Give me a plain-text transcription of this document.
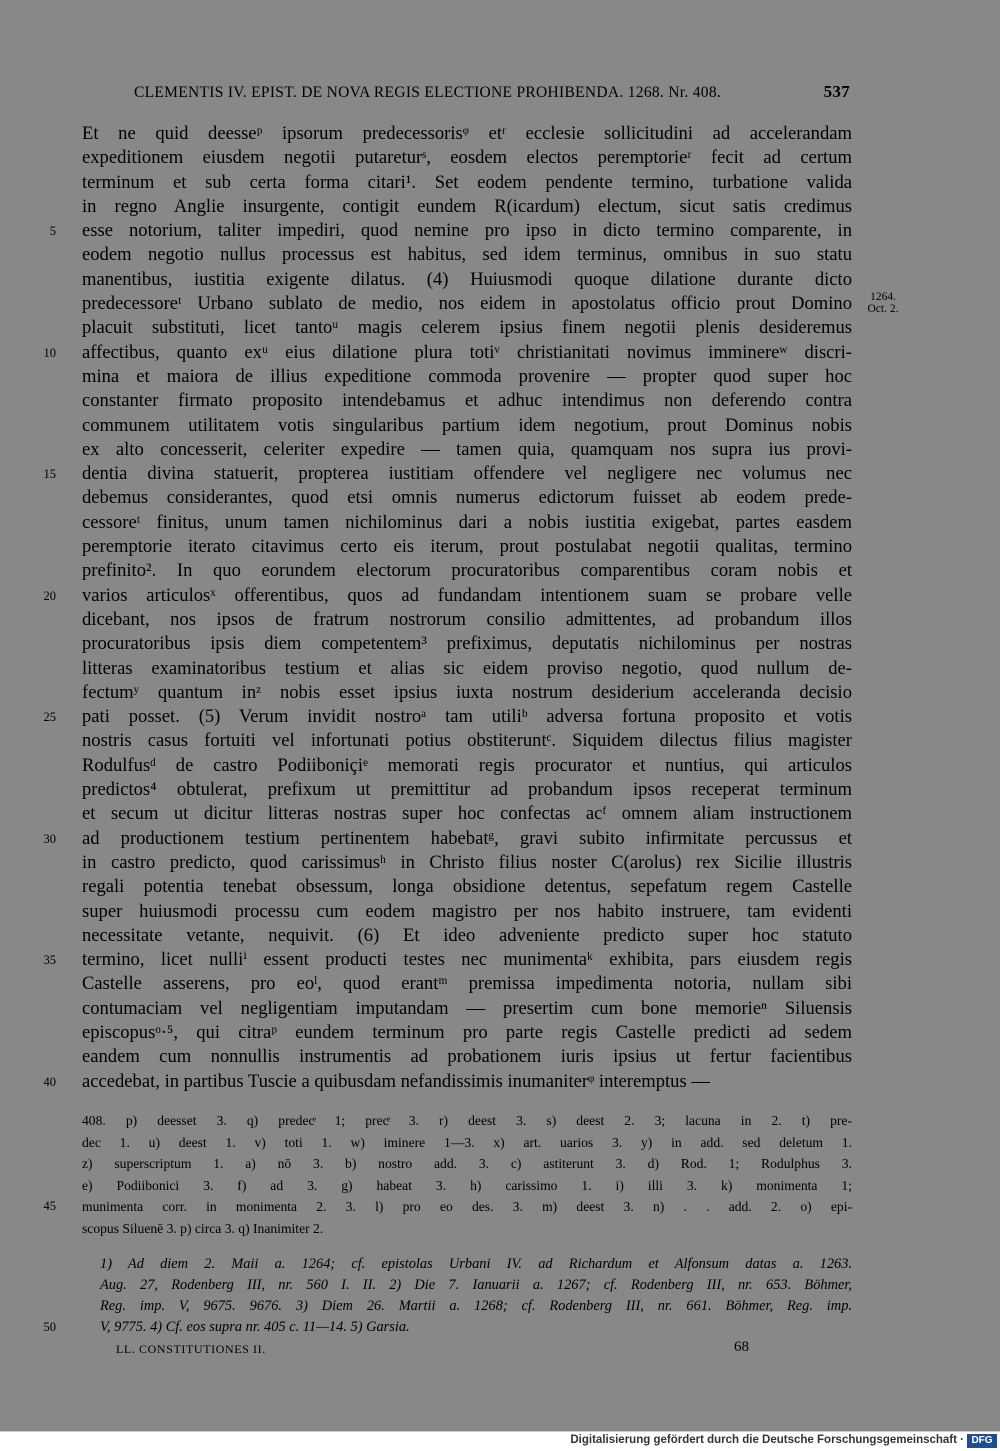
CLEMENTIS IV. EPIST. DE NOVA REGIS ELECTIONE PROHIBENDA. 1268. Nr. 408.	537
1264.
Oct. 2.
Et ne quid deesseᵖ ipsorum predecessorisᵠ etʳ ecclesie sollicitudini ad accelerandam
expeditionem eiusdem negotii putareturˢ, eosdem electos peremptorieʳ fecit ad certum
terminum et sub certa forma citari¹. Set eodem pendente termino, turbatione valida
in regno Anglie insurgente, contigit eundem R(icardum) electum, sicut satis credimus
esse notorium, taliter impediri, quod nemine pro ipso in dicto termino comparente, in
5
eodem negotio nullus processus est habitus, sed idem terminus, omnibus in suo statu
manentibus, iustitia exigente dilatus. (4) Huiusmodi quoque dilatione durante dicto
predecessoreᵗ Urbano sublato de medio, nos eidem in apostolatus officio prout Domino
placuit substituti, licet tantoᵘ magis celerem ipsius finem negotii plenis desideremus
affectibus, quanto exᵘ eius dilatione plura totiᵛ christianitati novimus imminereʷ discri-
10
mina et maiora de illius expeditione commoda provenire — propter quod super hoc
constanter firmato proposito intendebamus et adhuc intendimus non deferendo contra
communem utilitatem votis singularibus partium idem negotium, prout Dominus nobis
ex alto concesserit, celeriter expedire — tamen quia, quamquam nos supra ius provi-
dentia divina statuerit, propterea iustitiam offendere vel negligere nec volumus nec
15
debemus considerantes, quod etsi omnis numerus edictorum fuisset ab eodem prede-
cessoreᵗ finitus, unum tamen nichilominus dari a nobis iustitia exigebat, partes easdem
peremptorie iterato citavimus certo eis iterum, prout postulabat negotii qualitas, termino
prefinito². In quo eorundem electorum procuratoribus comparentibus coram nobis et
varios articulosˣ offerentibus, quos ad fundandam intentionem suam se probare velle
20
dicebant, nos ipsos de fratrum nostrorum consilio admittentes, ad probandum illos
procuratoribus ipsis diem competentem³ prefiximus, deputatis nichilominus per nostras
litteras examinatoribus testium et alias sic eidem proviso negotio, quod nullum de-
fectumʸ quantum inᶻ nobis esset ipsius iuxta nostrum desiderium acceleranda decisio
pati posset. (5) Verum invidit nostroᵃ tam utiliᵇ adversa fortuna proposito et votis
25
nostris casus fortuiti vel infortunati potius obstiteruntᶜ. Siquidem dilectus filius magister
Rodulfusᵈ de castro Podiiboniçiᵉ memorati regis procurator et nuntius, qui articulos
predictos⁴ obtulerat, prefixum ut premittitur ad probandum ipsos receperat terminum
et secum ut dicitur litteras nostras super hoc confectas acᶠ omnem aliam instructionem
ad productionem testium pertinentem habebatᵍ, gravi subito infirmitate percussus et
30
in castro predicto, quod carissimusʰ in Christo filius noster C(arolus) rex Sicilie illustris
regali potentia tenebat obsessum, longa obsidione detentus, sepefatum regem Castelle
super huiusmodi processu cum eodem magistro per nos habito instruere, tam evidenti
necessitate vetante, nequivit. (6) Et ideo adveniente predicto super hoc statuto
termino, licet nulliⁱ essent producti testes nec munimentaᵏ exhibita, pars eiusdem regis
35
Castelle asserens, pro eoˡ, quod erantᵐ premissa impedimenta notoria, nullam sibi
contumaciam vel negligentiam imputandam — presertim cum bone memorieⁿ Siluensis
episcopusᵒ·⁵, qui citraᵖ eundem terminum pro parte regis Castelle predicti ad sedem
eandem cum nonnullis instrumentis ad probationem iuris ipsius ut fertur facientibus
accedebat, in partibus Tuscie a quibusdam nefandissimis inumaniterᵠ interemptus —
40
408. p) deesset 3. q) predecͤ 1; precͤ 3. r) deest 3. s) deest 2. 3; lacuna in 2. t) pre-
dec 1. u) deest 1. v) toti 1. w) iminere 1—3. x) art. uarios 3. y) in add. sed deletum 1.
z) superscriptum 1. a) nō 3. b) nostro add. 3. c) astiterunt 3. d) Rod. 1; Rodulphus 3.
e) Podiibonici 3. f) ad 3. g) habeat 3. h) carissimo 1. i) illi 3. k) monimenta 1;
munimenta corr. in monimenta 2. 3. l) pro eo des. 3. m) deest 3. n) . . add. 2. o) epi-
45
scopus Siluenē 3. p) circa 3. q) Inanimiter 2.
1) Ad diem 2. Maii a. 1264; cf. epistolas Urbani IV. ad Richardum et Alfonsum datas a. 1263.
Aug. 27, Rodenberg III, nr. 560 I. II. 2) Die 7. Ianuarii a. 1267; cf. Rodenberg III, nr. 653. Böhmer,
Reg. imp. V, 9675. 9676. 3) Diem 26. Martii a. 1268; cf. Rodenberg III, nr. 661. Böhmer, Reg. imp.
V, 9775. 4) Cf. eos supra nr. 405 c. 11—14. 5) Garsia.
50
LL. CONSTITUTIONES II.	68
Digitalisierung gefördert durch die Deutsche Forschungsgemeinschaft · DFG
